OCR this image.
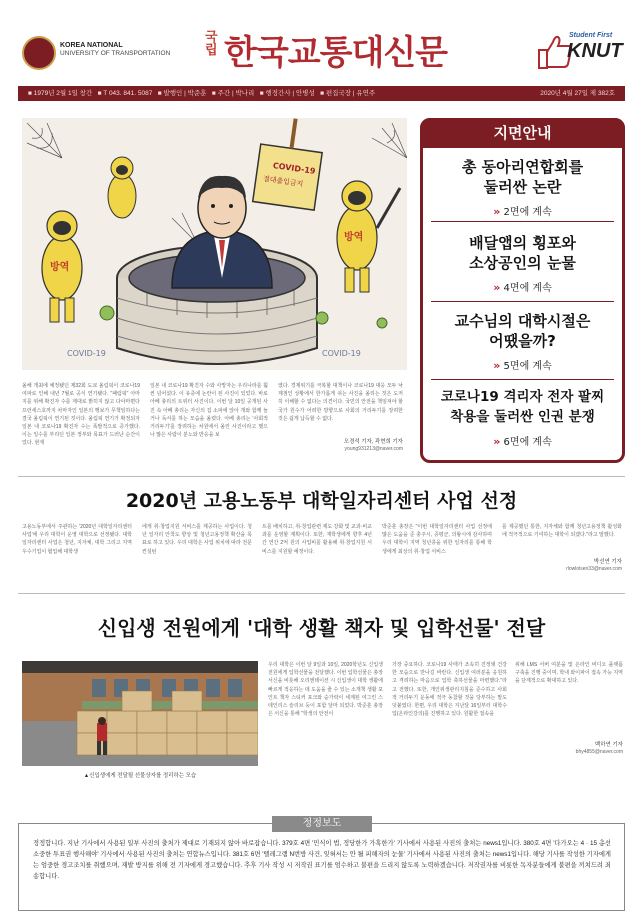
KOREA NATIONAL
UNIVERSITY OF TRANSPORTATION
국립 한국교통대신문	Student First
KNUT
■ 1979년 2월 1일 창간 ■ T 043. 841. 5087 ■ 발행인 | 박준훈 ■ 주간 | 박나리 ■ 행정간사 | 안병성 ■ 편집국장 | 유연주	2020년 4월 27일 제 382호
COVID-19
절대출입금지
방역
방역
COVID-19	COVID-19
올해 개최에 예정됐던 제32회 도쿄 올림픽이 코로나19 여파로 인해 내년 7월로 공식 연기됐다. "패럼픽" 아마지를 위해 확진자 수를 제대로 밝히지 않고 다야마편다 프런세스호까지 차마자인 일본의 행보가 무책임하다는 결국 올림픽이 연기된 것이다. 올림픽 연기가 확정되자 일본 내 코로나19 확진자 수는 폭발적으로 증가했다. 이는 일수를 부리던 일본 정부와 목표가 드러난 순간이었다. 현재
일본 내 코로나19 확진자 수와 사망자는 우리나라를 훨씬 넘어섰다. 이 유증에 논란이 된 사진이 있었다. 바로 아베 총리의 트위터 사진이다. 이번 달 10일 공개된 사진 속 아베 총리는 자신의 집 소파에 앉아 개와 함께 놀거나 독서를 하는 모습을 올렸다. 아베 총리는 '사회적 거리두기'를 장려하는 차원에서 올린 사진이라고 했으나 많은 사람이 분노와 반응을 보
였다. 경제위기를 극복할 대책이나 코로나19 대응 모두 낙제점인 상황에서 한가롭게 쉬는 사진을 올리는 것은 도저히 이해할 수 없다는 의견이다. 국민의 안전을 책임져야 할 국가 원수가 어려한 방향으로 사회의 거리두기를 장려한 것은 쉽게 납득할 수 없다.
오경석 기자, 곽현희 기자
young931213@naver.com
지면안내
총 동아리연합회를
둘러싼 논란
» 2면에 계속
배달앱의 횡포와
소상공인의 눈물
» 4면에 계속
교수님의 대학시절은
어땠을까?
» 5면에 계속
코로나19 격리자 전자 팔찌
착용을 둘러싼 인권 분쟁
» 6면에 계속
2020년 고용노동부 대학일자리센터 사업 선정
고용노동부에서 주관하는 '2020년 대학일자리센터 사업'에 우리 대학이 운영 대학으로 선정됐다. 대학일자리센터 사업은 청년, 지자체, 대학 그리고 지역 우수기업이 협업해 대학생
에게 취·창업지원 서비스를 제공하는 사업이다. 청년 일자리 안착도 향상 및 청년고용정책 확산을 목표로 하고 있다. 우리 대학은 사업 위치에 따라 전문 컨설턴
트를 배치하고, 취·창업관련 제도 강화 및 교과·비교과를 운영할 계획이다. 또한, 재학생에게 향후 4년간 연간 2억 원의 사업비를 활용해 취·창업지원 서비스를 지원할 예정이다.
박준훈 총장은 "이번 대학일자리센터 사업 선정에 많은 도움을 준 충주시, 증평군, 의왕시에 감사하며 우리 대학이 지역 청년층을 위한 일자리를 통해 학생에게 최상의 취·창업 서비스
를 제공했던 통한, 지자체와 함께 청년고용정책 활성화에 적극적으로 기여하는 대학이 되겠다."라고 말했다.
박선연 기자
rlowlolsen33@naver.com
신입생 전원에게 '대학 생활 책자 및 입학선물' 전달
▲신입생에게 전달될 선물상자를 정리하는 모습
우리 대학은 이번 달 9일과 10일, 2020학년도 신입생 전원에게 입학선물을 전달했다. 이번 입학선물은 총장 서신을 비롯해 오리엔테이션 시 신입생이 대학 생활에 빠르게 적응하는 데 도움을 줄 수 있는 소개책 생활 포인트 책자 스티커 포크와 숟가락이 세계된 여그린 스테인리스 슬리브 등이 포함 달마 되었다. 박준훈 총장은 서신을 통해 "학생의 안전이
가장 중요하다. 코로나19 사태가 조속히 진정돼 건강한 모습으로 만나길 바란다. 신입생 여러분을 응원하고 격려하는 마음으로 입학 축하선물을 마련했다."라고 전했다. 또한, 개인위생관리지침을 준수하고 사회적 거리두기 운동에 적극 동참할 것을 당부하는 말도 덧붙였다. 한편, 우리 대학은 지난달 16일부터 대학수업(온라인강의)를 진행하고 있다. 원활한 접속을
위해 LMS 서버 여분을 및 온라인 비디오 플랫폼 구축을 진행 중이며, 학내 와이파이 접속 가능 지역을 단계적으로 확대하고 있다.
백하연 기자
bhy4855@naver.com
정정합니다. 지난 기사에서 사용된 일부 사진의 출처가 제대로 기재되지 않아 바로잡습니다. 379호 4면 '민식이 법, 정당한가 가혹한가' 기사에서 사용된 사진의 출처는 news1입니다. 380호 4면 '다가오는 4 · 15 총선 소중한 투표권 행사해야' 기사에서 사용된 사진의 출처는 연합뉴스입니다. 381호 6면 '텔레그램 N번방 사건, 잊혀서는 안 될 피해자의 눈물' 기사에서 사용된 사진의 출처는 news1입니다. 해당 기사를 작성한 기자에게는 엄중한 경고조치를 취했으며, 재발 방지를 위해 전 기자에게 경고했습니다. 추후 기사 작성 시 저작권 표기를 엄수하고 불편을 드리지 않도록 노력하겠습니다. 저작권자를 비롯한 독자분들에게 불편을 끼쳐드려 죄송합니다.
정정보도
